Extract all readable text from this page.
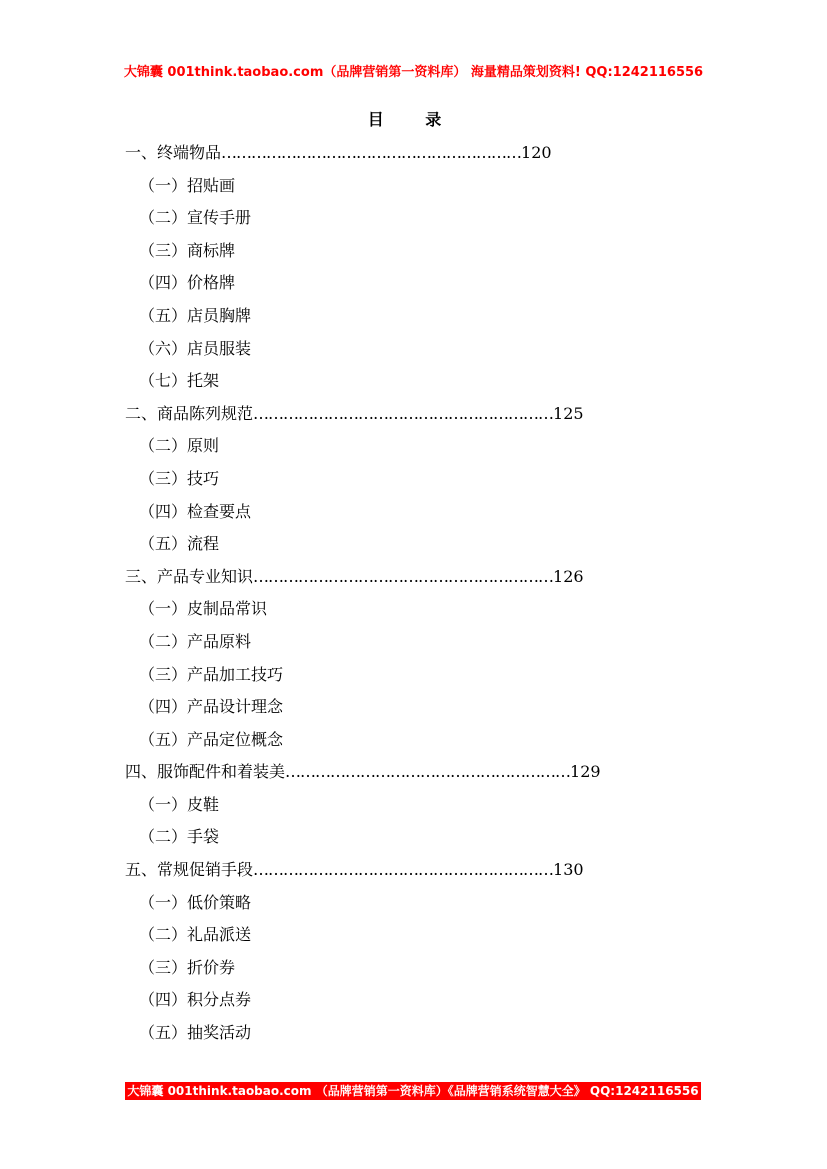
大锦囊 001think.taobao.com（品牌营销第一资料库） 海量精品策划资料! QQ:1242116556
目 录
一、终端物品 …………………………………………………… 120
（一）招贴画
（二）宣传手册
（三）商标牌
（四）价格牌
（五）店员胸牌
（六）店员服装
（七）托架
二、商品陈列规范 …………………………………………………… 125
（二）原则
（三）技巧
（四）检查要点
（五）流程
三、产品专业知识 …………………………………………………… 126
（一）皮制品常识
（二）产品原料
（三）产品加工技巧
（四）产品设计理念
（五）产品定位概念
四、服饰配件和着装美 ………………………………………………… 129
（一）皮鞋
（二）手袋
五、常规促销手段 …………………………………………………… 130
（一）低价策略
（二）礼品派送
（三）折价券
（四）积分点券
（五）抽奖活动
大锦囊 001think.taobao.com （品牌营销第一资料库）《品牌营销系统智慧大全》 QQ:1242116556
